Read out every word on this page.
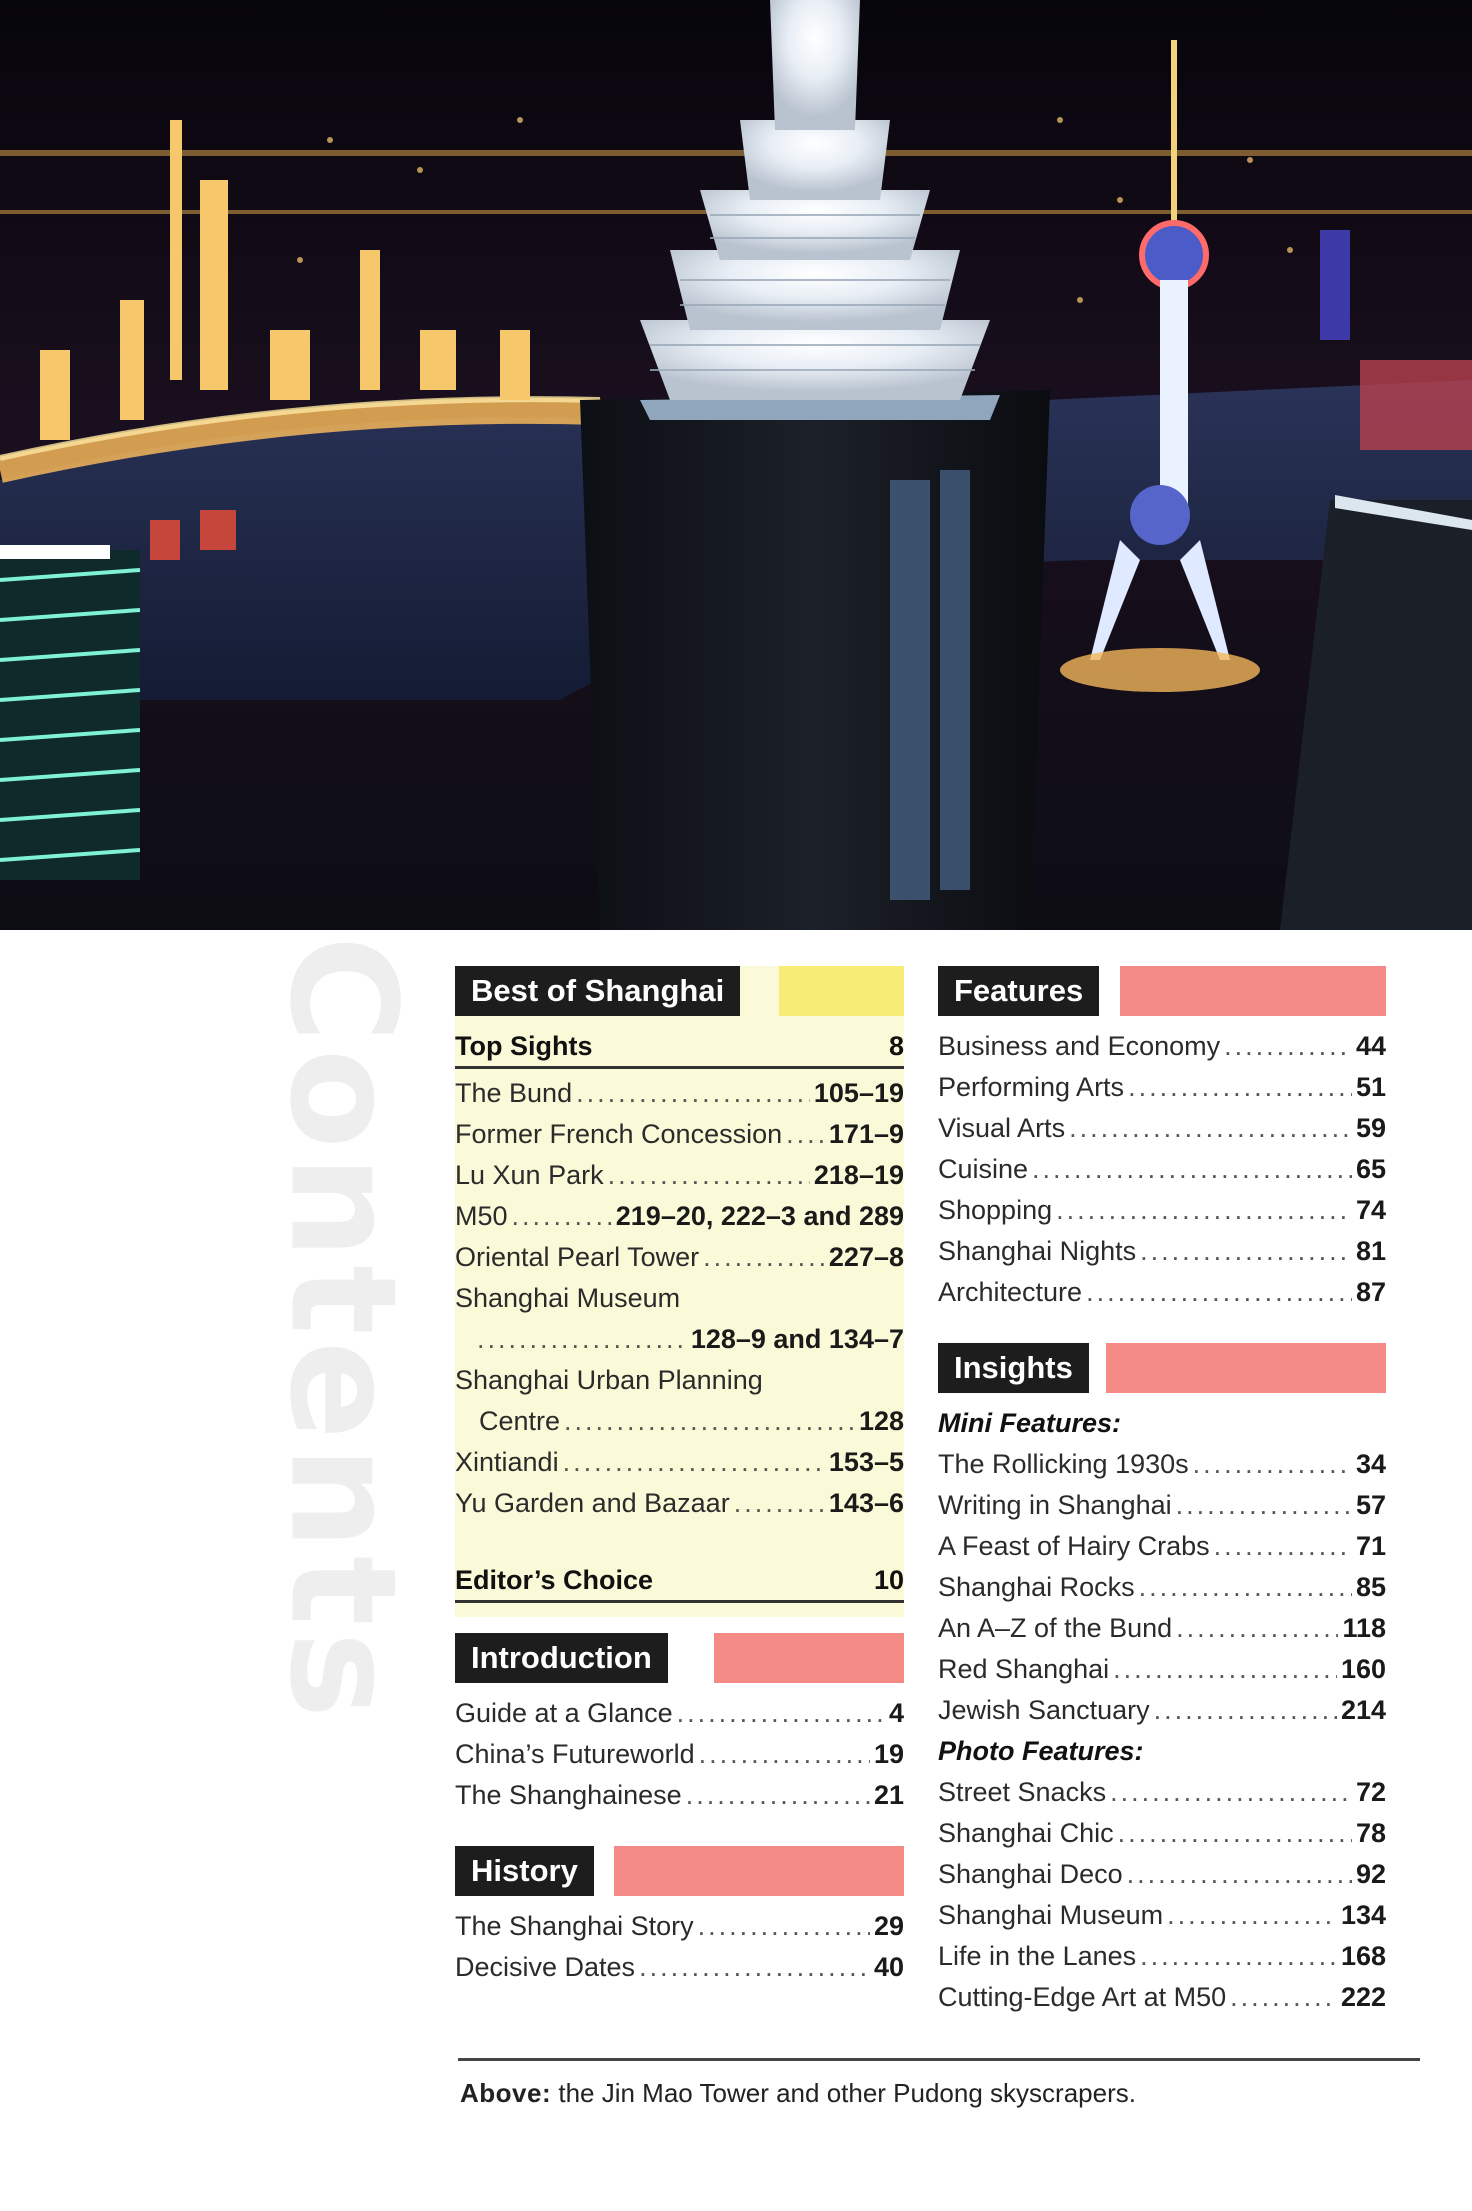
Contents	Best of Shanghai
Top Sights	8
The Bund .....	105–19
Former French Concession ..... 171–9
Lu Xun Park .....	218–19
M50 .....	219–20, 222–3 and 289
Oriental Pearl Tower .....	227–8
Shanghai Museum
.....
128–9 and 134–7
Shanghai Urban Planning
Centre .....	128
Xintiandi .....	153–5
Yu Garden and Bazaar .....	143–6
Editor’s Choice	10
Introduction
Guide at a Glance .....	4
China’s Futureworld .....	19
The Shanghainese .....	21
History
The Shanghai Story .....	29
Decisive Dates .....	40
Features
Business and Economy .....	44
Performing Arts .....	51
Visual Arts .....	59
Cuisine .....	65
Shopping .....	74
Shanghai Nights .....	81
Architecture .....	87
Insights
Mini Features:
The Rollicking 1930s .....	34
Writing in Shanghai .....	57
A Feast of Hairy Crabs .....	71
Shanghai Rocks .....	85
An A–Z of the Bund .....	118
Red Shanghai .....	160
Jewish Sanctuary .....	214
Photo Features:
Street Snacks .....	72
Shanghai Chic .....	78
Shanghai Deco .....	92
Shanghai Museum .....	134
Life in the Lanes .....	168
Cutting-Edge Art at M50 .....	222
Above: the Jin Mao Tower and other Pudong skyscrapers.
